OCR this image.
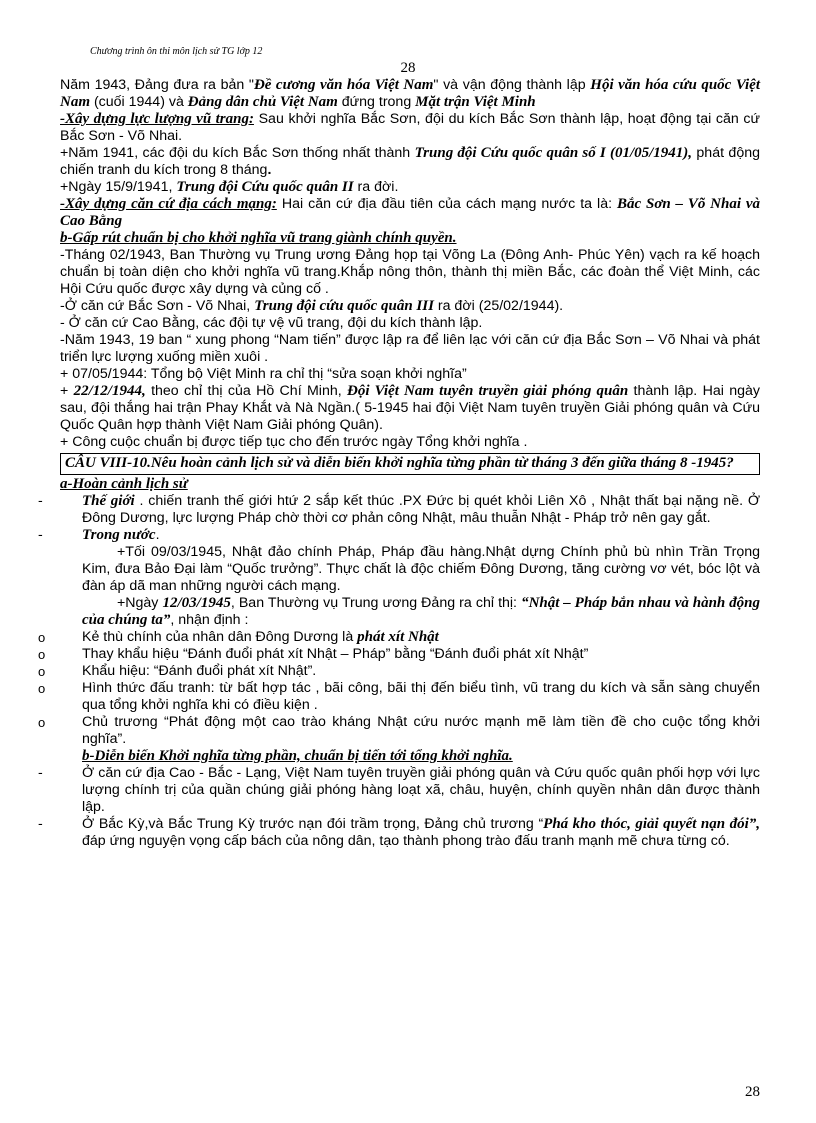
Chương trình ôn thi môn lịch sử TG lớp 12
28

Năm 1943, Đảng đưa ra bản "Đề cương văn hóa Việt Nam" và vận động thành lập Hội văn hóa cứu quốc Việt Nam (cuối 1944) và Đảng dân chủ Việt Nam đứng trong Mặt trận Việt Minh

-Xây dựng lực lượng vũ trang: Sau khởi nghĩa Bắc Sơn, đội du kích Bắc Sơn thành lập, hoạt động tại căn cứ Bắc Sơn - Võ Nhai.

+Năm 1941, các đội du kích Bắc Sơn thống nhất thành Trung đội Cứu quốc quân số I (01/05/1941), phát động chiến tranh du kích trong 8 tháng.

+Ngày 15/9/1941, Trung đội Cứu quốc quân II ra đời.

-Xây dựng căn cứ địa cách mạng: Hai căn cứ địa đầu tiên của cách mạng nước ta là: Bắc Sơn – Võ Nhai và Cao Bằng

b-Gấp rút chuẩn bị cho khởi nghĩa vũ trang giành chính quyền.

-Tháng 02/1943, Ban Thường vụ Trung ương Đảng họp tại Võng La (Đông Anh- Phúc Yên) vạch ra kế hoạch chuẩn bị toàn diện cho khởi nghĩa vũ trang.Khắp nông thôn, thành thị miền Bắc, các đoàn thể Việt Minh, các Hội Cứu quốc được xây dựng và củng cố .

-Ở căn cứ Bắc Sơn - Võ Nhai, Trung đội cứu quốc quân III ra đời (25/02/1944).

- Ở căn cứ Cao Bằng, các đội tự vệ vũ trang, đội du kích thành lập.

-Năm 1943, 19 ban “ xung phong “Nam tiến” được lập ra để liên lạc với căn cứ địa Bắc Sơn – Võ Nhai và phát triển lực lượng xuống miền xuôi .

+ 07/05/1944: Tổng bộ Việt Minh ra chỉ thị “sửa soạn khởi nghĩa”

+ 22/12/1944, theo chỉ thị của Hồ Chí Minh, Đội Việt Nam tuyên truyền giải phóng quân thành lập. Hai ngày sau, đội thắng hai trận Phay Khắt và Nà Ngần.( 5-1945 hai đội Việt Nam tuyên truyền Giải phóng quân và Cứu Quốc Quân hợp thành Việt Nam Giải phóng Quân).

+ Công cuộc chuẩn bị được tiếp tục cho đến trước ngày Tổng khởi nghĩa .

CÂU VIII-10.Nêu hoàn cảnh lịch sử và diễn biến khởi nghĩa từng phần từ tháng 3 đến giữa tháng 8 -1945?

a-Hoàn cảnh lịch sử

-	Thế giới . chiến tranh thế giới htứ 2 sắp kết thúc .PX Đức bị quét khỏi Liên Xô , Nhật thất bại nặng nề. Ở Đông Dương, lực lượng Pháp chờ thời cơ phản công Nhật, mâu thuẫn Nhật - Pháp trở nên gay gắt.

-	Trong nước.

+Tối 09/03/1945, Nhật đảo chính Pháp, Pháp đầu hàng.Nhật dựng Chính phủ bù nhìn Trần Trọng Kim, đưa Bảo Đại làm “Quốc trưởng”. Thực chất là độc chiếm Đông Dương, tăng cường vơ vét, bóc lột và đàn áp dã man những người cách mạng.

+Ngày 12/03/1945, Ban Thường vụ Trung ương Đảng ra chỉ thị: “Nhật – Pháp bắn nhau và hành động của chúng ta”, nhận định :

o	Kẻ thù chính của nhân dân Đông Dương là phát xít Nhật

o	Thay khẩu hiệu “Đánh đuổi phát xít Nhật – Pháp” bằng “Đánh đuổi phát xít Nhật”

o	Khẩu hiệu: “Đánh đuổi phát xít Nhật”.

o	Hình thức đấu tranh: từ bất hợp tác , bãi công, bãi thị đến biểu tình, vũ trang du kích và sẵn sàng chuyển qua tổng khởi nghĩa khi có điều kiện .

o	Chủ trương “Phát động một cao trào kháng Nhật cứu nước mạnh mẽ làm tiền đề cho cuộc tổng khởi nghĩa”.

b-Diễn biến Khởi nghĩa từng phần, chuẩn bị tiến tới tổng khởi nghĩa.

-	Ở căn cứ địa Cao - Bắc - Lạng, Việt Nam tuyên truyền giải phóng quân và Cứu quốc quân phối hợp với lực lượng chính trị của quần chúng giải phóng hàng loạt xã, châu, huyện, chính quyền nhân dân được thành lập.

-	Ở Bắc Kỳ,và Bắc Trung Kỳ trước nạn đói trầm trọng, Đảng chủ trương “Phá kho thóc, giải quyết nạn đói”, đáp ứng nguyện vọng cấp bách của nông dân, tạo thành phong trào đấu tranh mạnh mẽ chưa từng có.

28
